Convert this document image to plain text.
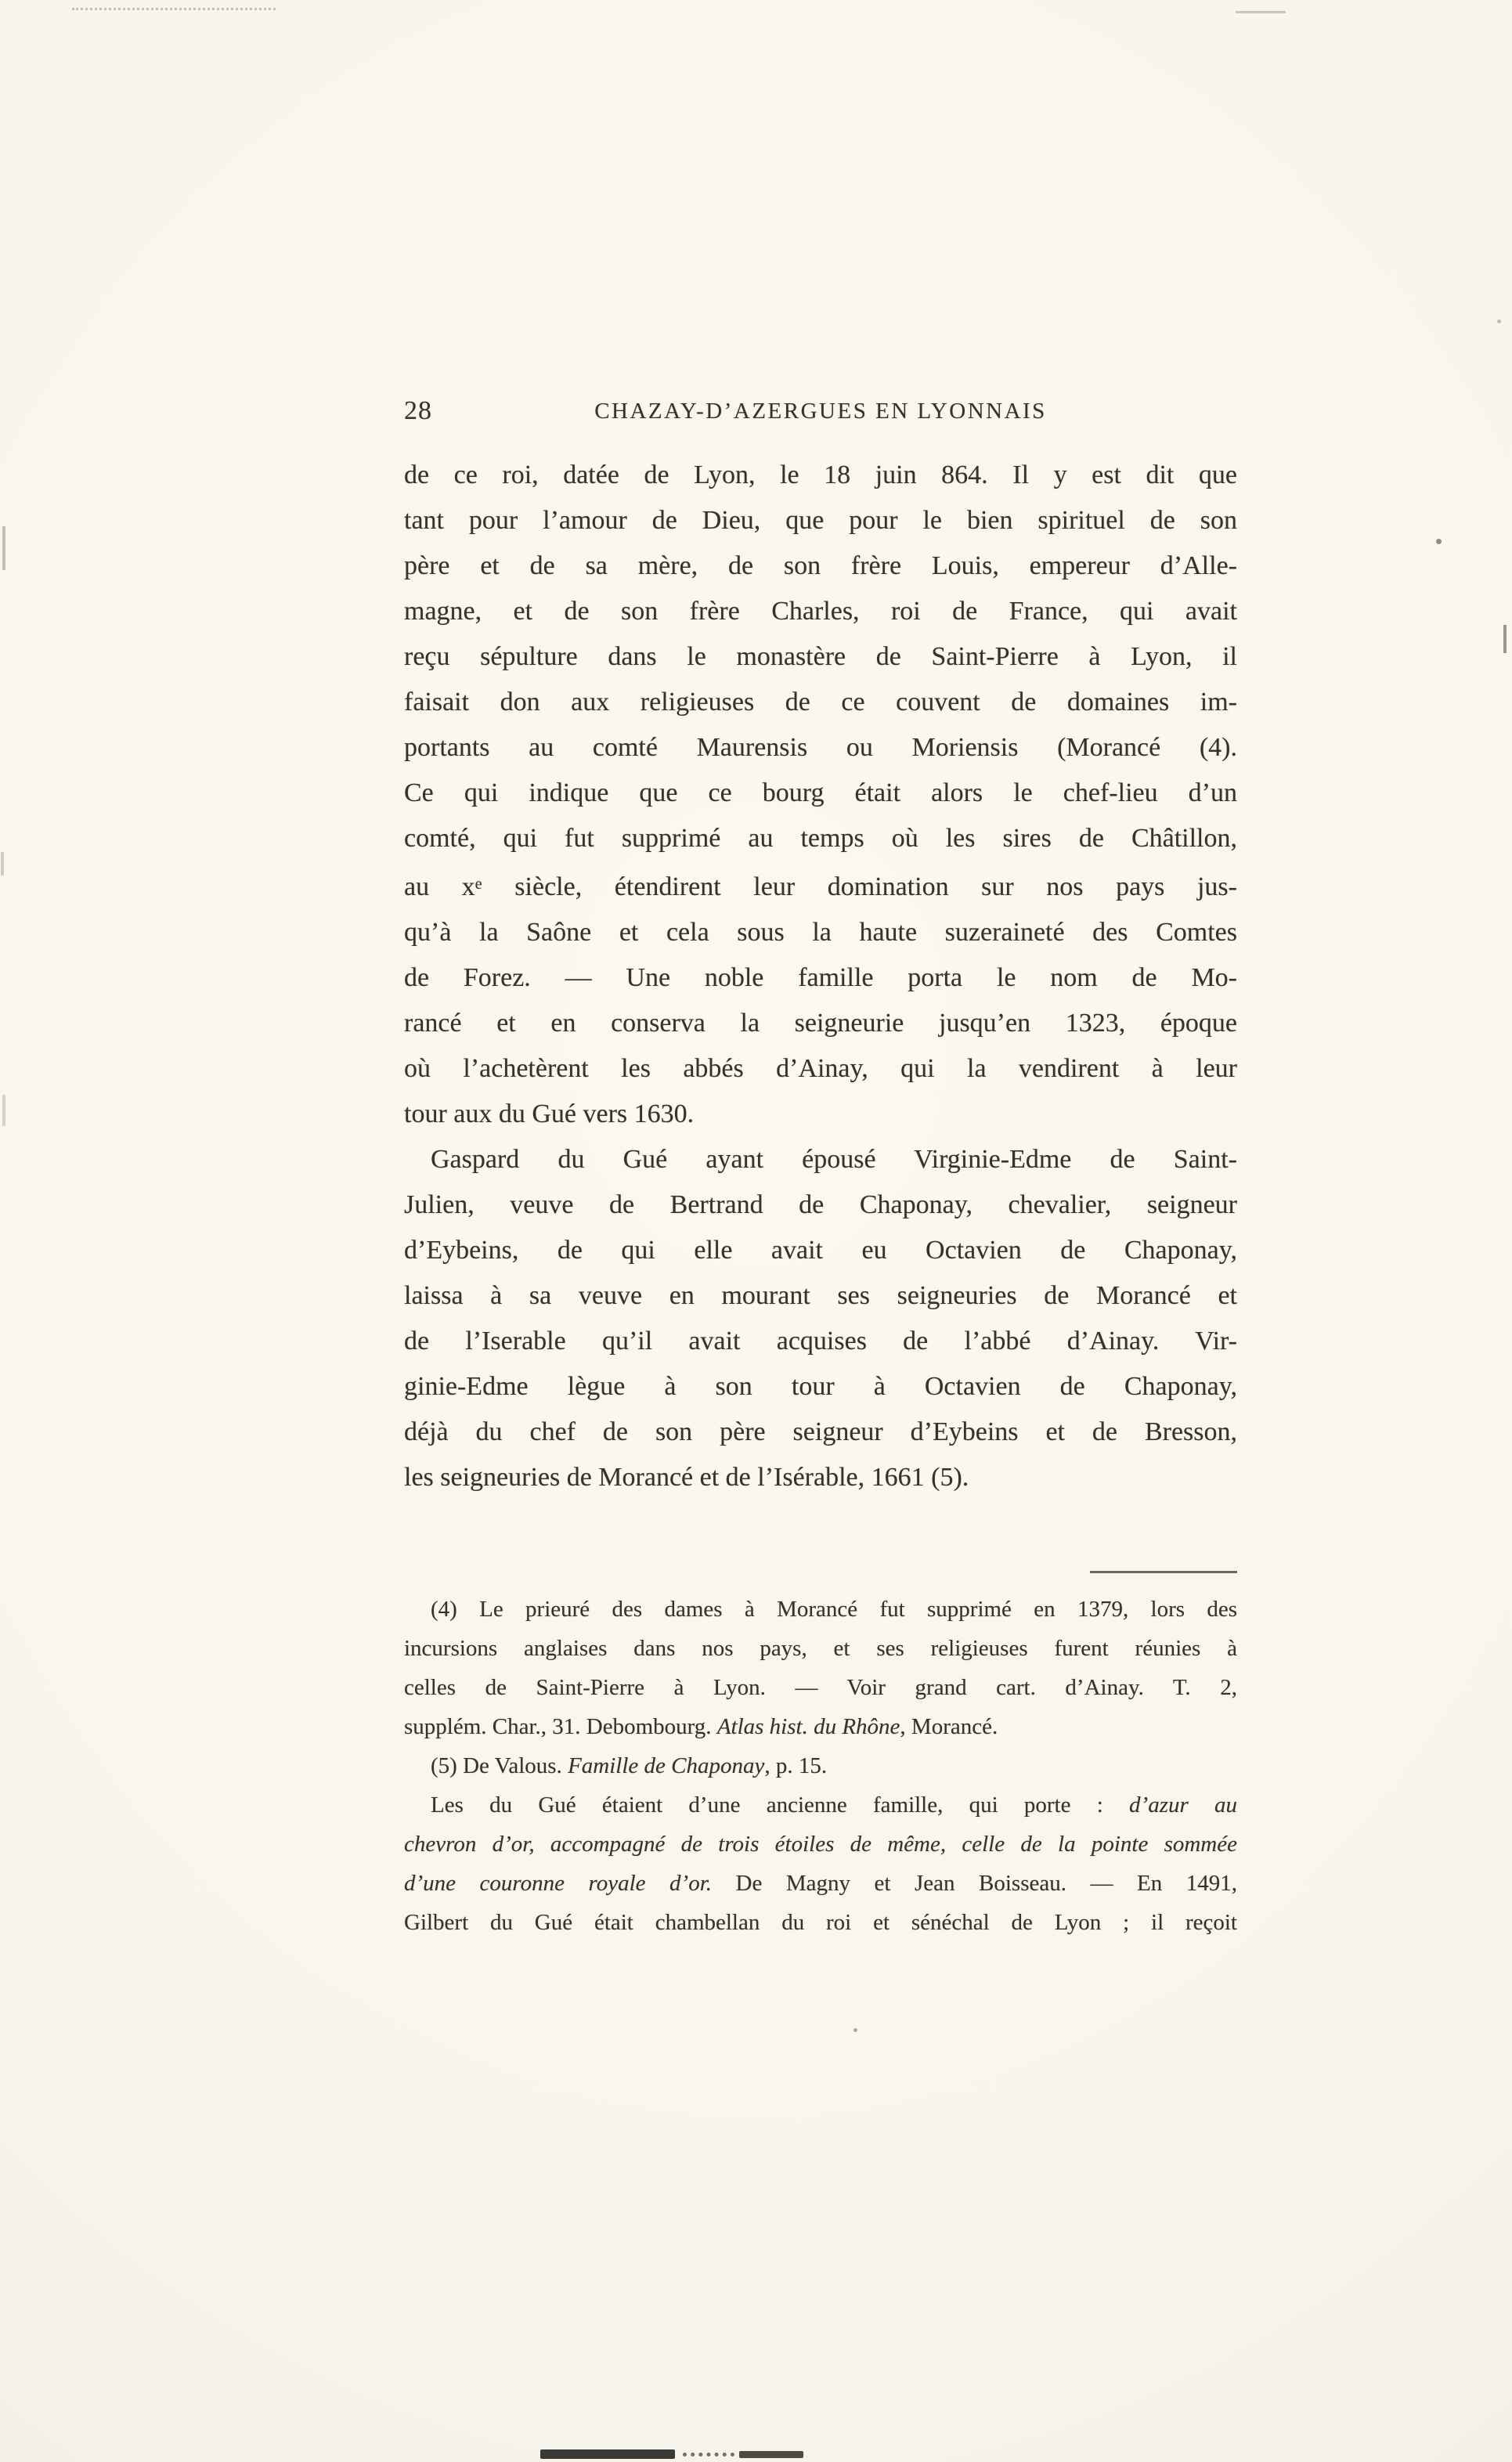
28	CHAZAY-D’AZERGUES EN LYONNAIS
de ce roi, datée de Lyon, le 18 juin 864. Il y est dit que
tant pour l’amour de Dieu, que pour le bien spirituel de son
père et de sa mère, de son frère Louis, empereur d’Alle-
magne, et de son frère Charles, roi de France, qui avait
reçu sépulture dans le monastère de Saint-Pierre à Lyon, il
faisait don aux religieuses de ce couvent de domaines im-
portants au comté Maurensis ou Moriensis (Morancé (4).
Ce qui indique que ce bourg était alors le chef-lieu d’un
comté, qui fut supprimé au temps où les sires de Châtillon,
au $x^e$ siècle, étendirent leur domination sur nos pays jus-
qu’à la Saône et cela sous la haute suzeraineté des Comtes
de Forez. — Une noble famille porta le nom de Mo-
rancé et en conserva la seigneurie jusqu’en 1323, époque
où l’achetèrent les abbés d’Ainay, qui la vendirent à leur
tour aux du Gué vers 1630.
Gaspard du Gué ayant épousé Virginie-Edme de Saint-
Julien, veuve de Bertrand de Chaponay, chevalier, seigneur
d’Eybeins, de qui elle avait eu Octavien de Chaponay,
laissa à sa veuve en mourant ses seigneuries de Morancé et
de l’Iserable qu’il avait acquises de l’abbé d’Ainay. Vir-
ginie-Edme lègue à son tour à Octavien de Chaponay,
déjà du chef de son père seigneur d’Eybeins et de Bresson,
les seigneuries de Morancé et de l’Isérable, 1661 (5).
(4) Le prieuré des dames à Morancé fut supprimé en 1379, lors des
incursions anglaises dans nos pays, et ses religieuses furent réunies à
celles de Saint-Pierre à Lyon. — Voir grand cart. d’Ainay. T. 2,
supplém. Char., 31. Debombourg. Atlas hist. du Rhône, Morancé.
(5) De Valous. Famille de Chaponay, p. 15.
Les du Gué étaient d’une ancienne famille, qui porte : d’azur au
chevron d’or, accompagné de trois étoiles de même, celle de la pointe sommée
d’une couronne royale d’or. De Magny et Jean Boisseau. — En 1491,
Gilbert du Gué était chambellan du roi et sénéchal de Lyon ; il reçoit
